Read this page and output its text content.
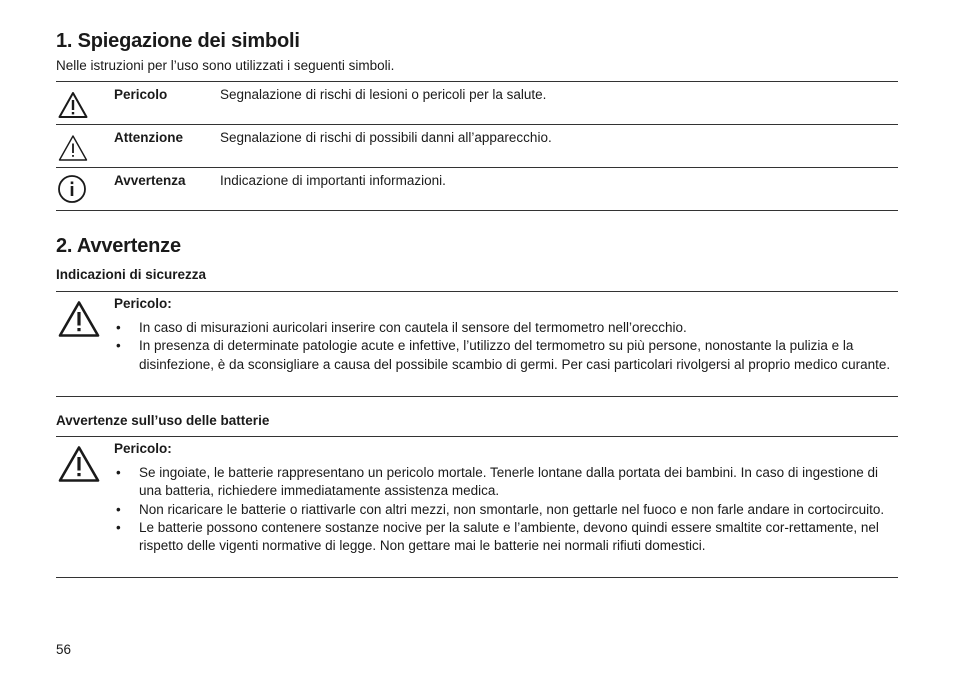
1. Spiegazione dei simboli
Nelle istruzioni per l’uso sono utilizzati i seguenti simboli.
Pericolo	Segnalazione di rischi di lesioni o pericoli per la salute.
Attenzione	Segnalazione di rischi di possibili danni all’apparecchio.
Avvertenza	Indicazione di importanti informazioni.
2. Avvertenze
Indicazioni di sicurezza
Pericolo:
• In caso di misurazioni auricolari inserire con cautela il sensore del termometro nell’orecchio.
• In presenza di determinate patologie acute e infettive, l’utilizzo del termometro su più persone, nonostante la pulizia e la disinfezione, è da sconsigliare a causa del possibile scambio di germi. Per casi particolari rivolgersi al proprio medico curante.
Avvertenze sull’uso delle batterie
Pericolo:
• Se ingoiate, le batterie rappresentano un pericolo mortale. Tenerle lontane dalla portata dei bambini. In caso di ingestione di una batteria, richiedere immediatamente assistenza medica.
• Non ricaricare le batterie o riattivarle con altri mezzi, non smontarle, non gettarle nel fuoco e non farle andare in cortocircuito.
• Le batterie possono contenere sostanze nocive per la salute e l’ambiente, devono quindi essere smaltite cor-rettamente, nel rispetto delle vigenti normative di legge. Non gettare mai le batterie nei normali rifiuti domestici.
56
